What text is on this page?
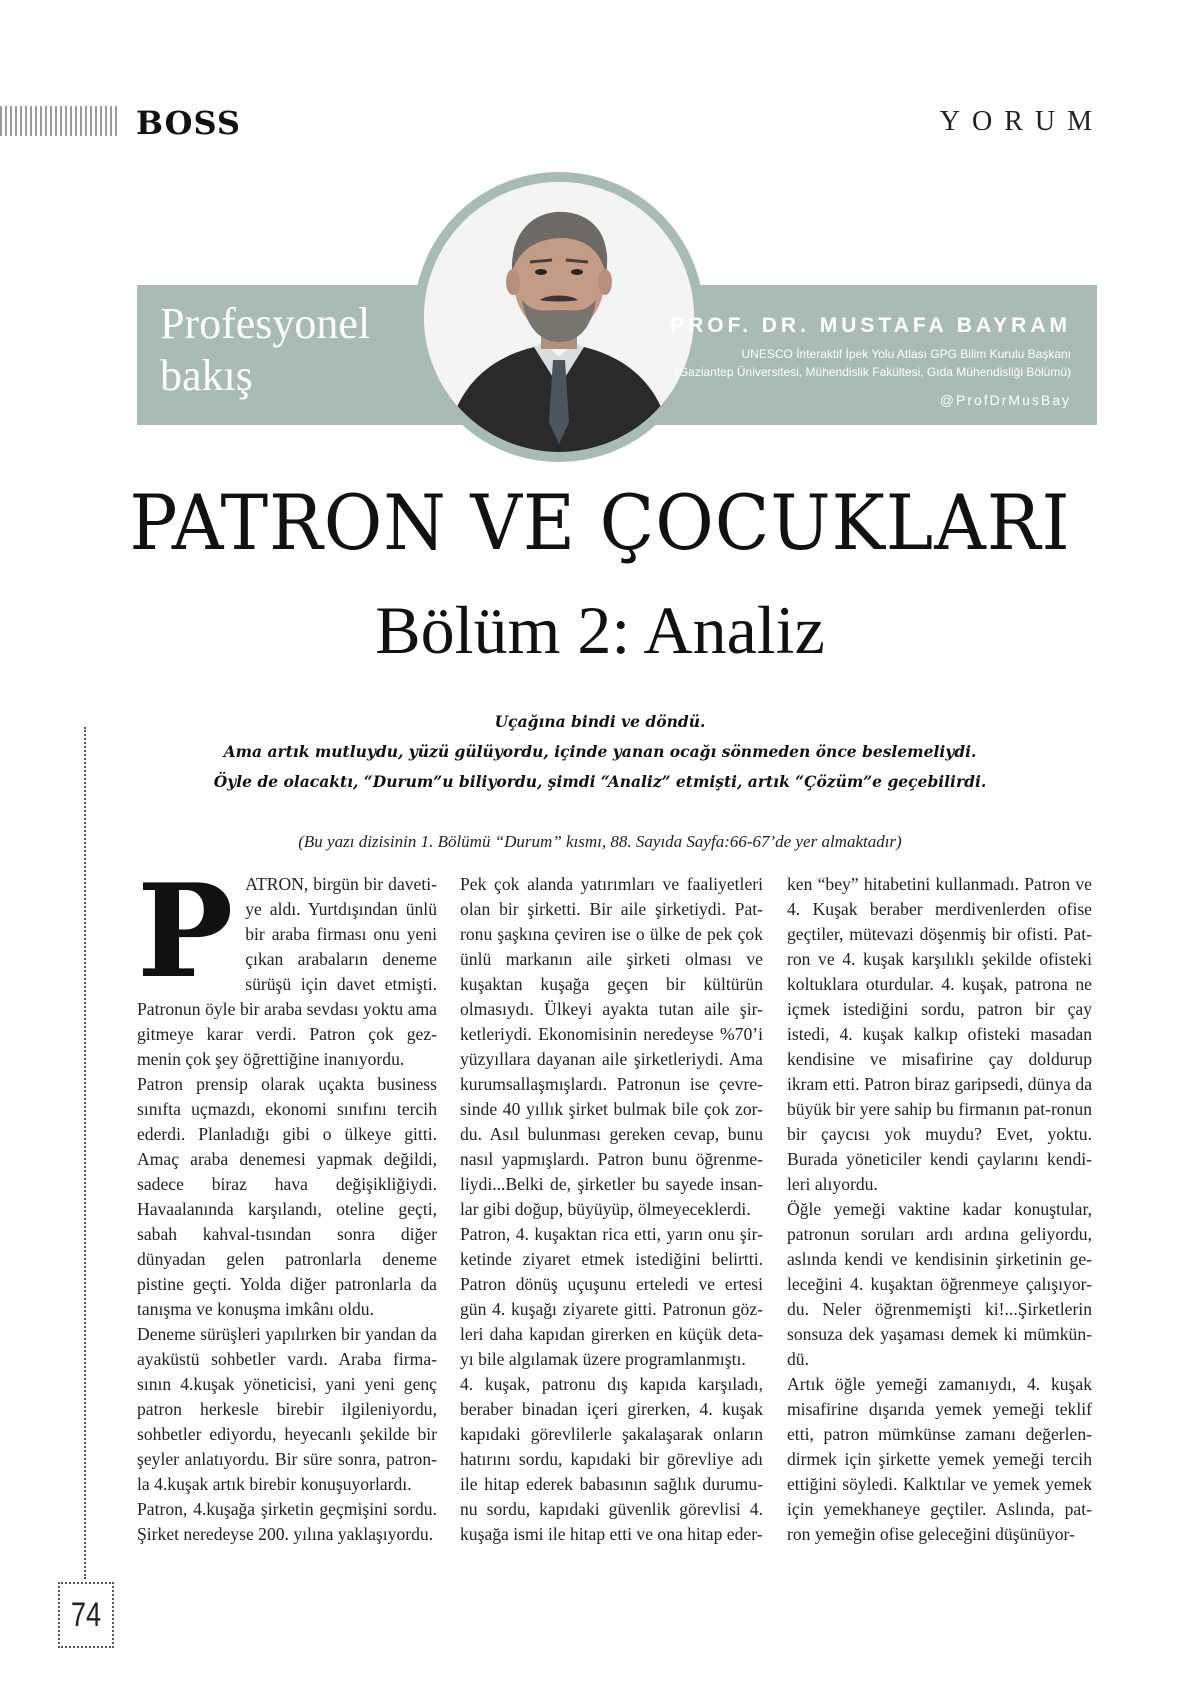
BOSS	YORUM
Profesyonel
bakış
PROF. DR. MUSTAFA BAYRAM
UNESCO İnteraktif İpek Yolu Atlası GPG Bilim Kurulu Başkanı
(Gaziantep Üniversitesi, Mühendislik Fakültesi, Gıda Mühendisliği Bölümü)
@ProfDrMusBay
PATRON VE ÇOCUKLARI
Bölüm 2: Analiz
Uçağına bindi ve döndü.
Ama artık mutluydu, yüzü gülüyordu, içinde yanan ocağı sönmeden önce beslemeliydi.
Öyle de olacaktı, “Durum”u biliyordu, şimdi “Analiz” etmişti, artık “Çözüm”e geçebilirdi.
(Bu yazı dizisinin 1. Bölümü “Durum” kısmı, 88. Sayıda Sayfa:66-67’de yer almaktadır)
P ATRON, birgün bir daveti-ye aldı. Yurtdışından ünlü bir araba firması onu yeni çıkan arabaların deneme sürüşü için davet etmişti. Patronun öyle bir araba sevdası yoktu ama gitmeye karar verdi. Patron çok gez-menin çok şey öğrettiğine inanıyordu.

Patron prensip olarak uçakta business sınıfta uçmazdı, ekonomi sınıfını tercih ederdi. Planladığı gibi o ülkeye gitti. Amaç araba denemesi yapmak değildi, sadece biraz hava değişikliğiydi. Havaalanında karşılandı, oteline geçti, sabah kahval-tısından sonra diğer dünyadan gelen patronlarla deneme pistine geçti. Yolda diğer patronlarla da tanışma ve konuşma imkânı oldu.

Deneme sürüşleri yapılırken bir yandan da ayaküstü sohbetler vardı. Araba firma-sının 4.kuşak yöneticisi, yani yeni genç patron herkesle birebir ilgileniyordu, sohbetler ediyordu, heyecanlı şekilde bir şeyler anlatıyordu. Bir süre sonra, patron-la 4.kuşak artık birebir konuşuyorlardı.

Patron, 4.kuşağa şirketin geçmişini sordu. Şirket neredeyse 200. yılına yaklaşıyordu.

Pek çok alanda yatırımları ve faaliyetleri olan bir şirketti. Bir aile şirketiydi. Pat-ronu şaşkına çeviren ise o ülke de pek çok ünlü markanın aile şirketi olması ve kuşaktan kuşağa geçen bir kültürün olmasıydı. Ülkeyi ayakta tutan aile şir-ketleriydi. Ekonomisinin neredeyse %70’i yüzyıllara dayanan aile şirketleriydi. Ama kurumsallaşmışlardı. Patronun ise çevre-sinde 40 yıllık şirket bulmak bile çok zor-du. Asıl bulunması gereken cevap, bunu nasıl yapmışlardı. Patron bunu öğrenme-liydi...Belki de, şirketler bu sayede insan-lar gibi doğup, büyüyüp, ölmeyeceklerdi.

Patron, 4. kuşaktan rica etti, yarın onu şir-ketinde ziyaret etmek istediğini belirtti. Patron dönüş uçuşunu erteledi ve ertesi gün 4. kuşağı ziyarete gitti. Patronun göz-leri daha kapıdan girerken en küçük deta-yı bile algılamak üzere programlanmıştı.

4. kuşak, patronu dış kapıda karşıladı, beraber binadan içeri girerken, 4. kuşak kapıdaki görevlilerle şakalaşarak onların hatırını sordu, kapıdaki bir görevliye adı ile hitap ederek babasının sağlık durumu-nu sordu, kapıdaki güvenlik görevlisi 4. kuşağa ismi ile hitap etti ve ona hitap eder-

ken “bey” hitabetini kullanmadı. Patron ve 4. Kuşak beraber merdivenlerden ofise geçtiler, mütevazi döşenmiş bir ofisti. Pat-ron ve 4. kuşak karşılıklı şekilde ofisteki koltuklara oturdular. 4. kuşak, patrona ne içmek istediğini sordu, patron bir çay istedi, 4. kuşak kalkıp ofisteki masadan kendisine ve misafirine çay doldurup ikram etti. Patron biraz garipsedi, dünya da büyük bir yere sahip bu firmanın pat-ronun bir çaycısı yok muydu? Evet, yoktu. Burada yöneticiler kendi çaylarını kendi-leri alıyordu.

Öğle yemeği vaktine kadar konuştular, patronun soruları ardı ardına geliyordu, aslında kendi ve kendisinin şirketinin ge-leceğini 4. kuşaktan öğrenmeye çalışıyor-du. Neler öğrenmemişti ki!...Şirketlerin sonsuza dek yaşaması demek ki mümkün-dü.

Artık öğle yemeği zamanıydı, 4. kuşak misafirine dışarıda yemek yemeği teklif etti, patron mümkünse zamanı değerlen-dirmek için şirkette yemek yemeği tercih ettiğini söyledi. Kalktılar ve yemek yemek için yemekhaneye geçtiler. Aslında, pat-ron yemeğin ofise geleceğini düşünüyor-

74
